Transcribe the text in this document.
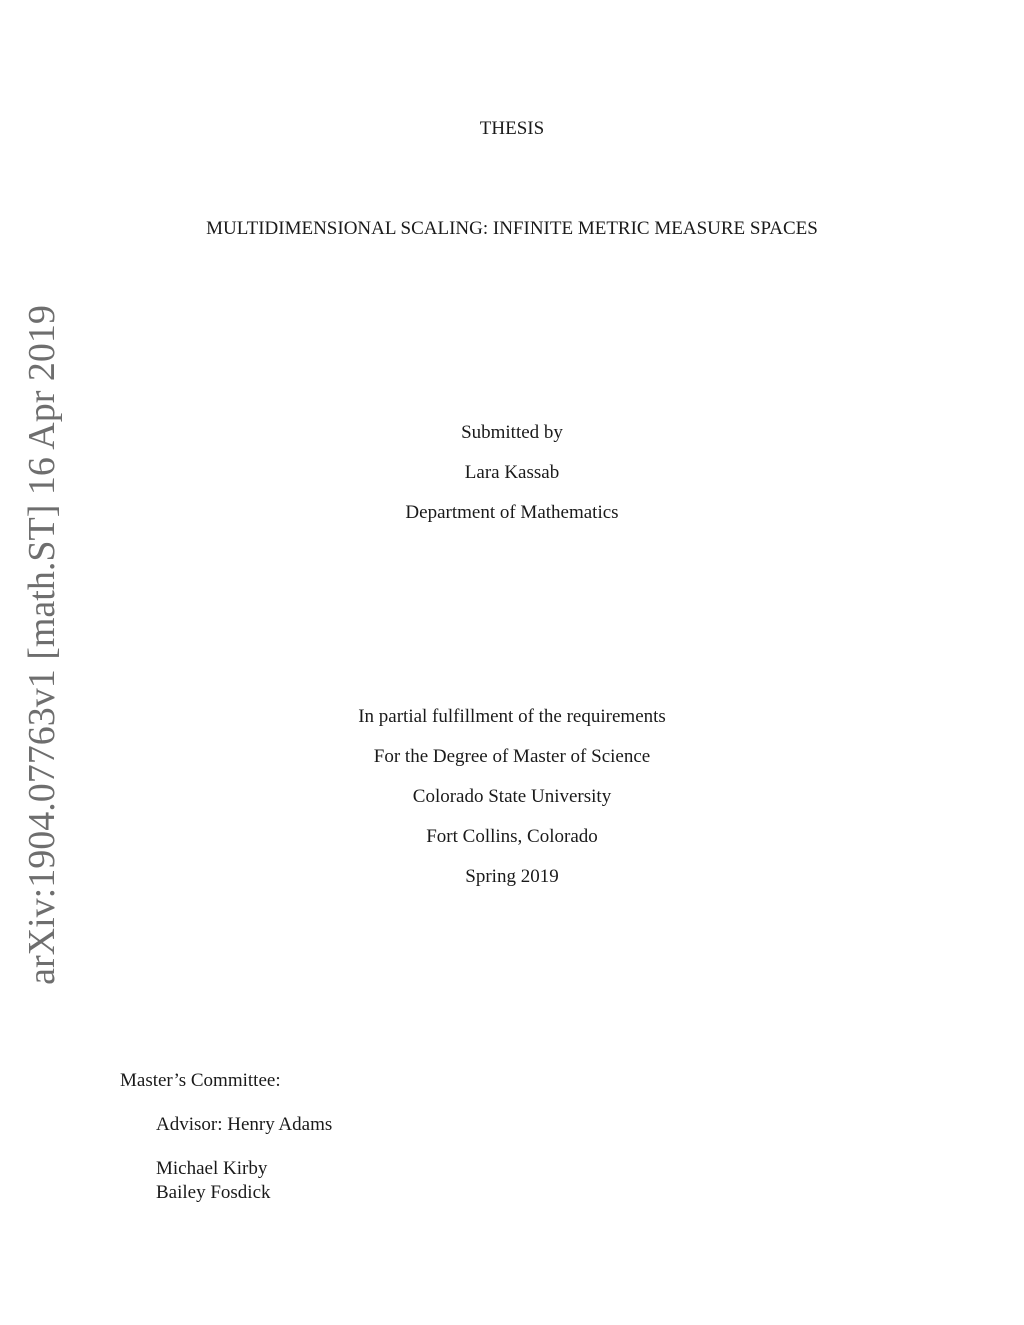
arXiv:1904.07763v1 [math.ST] 16 Apr 2019
THESIS
MULTIDIMENSIONAL SCALING: INFINITE METRIC MEASURE SPACES
Submitted by
Lara Kassab
Department of Mathematics
In partial fulfillment of the requirements
For the Degree of Master of Science
Colorado State University
Fort Collins, Colorado
Spring 2019
Master’s Committee:
Advisor: Henry Adams
Michael Kirby
Bailey Fosdick
